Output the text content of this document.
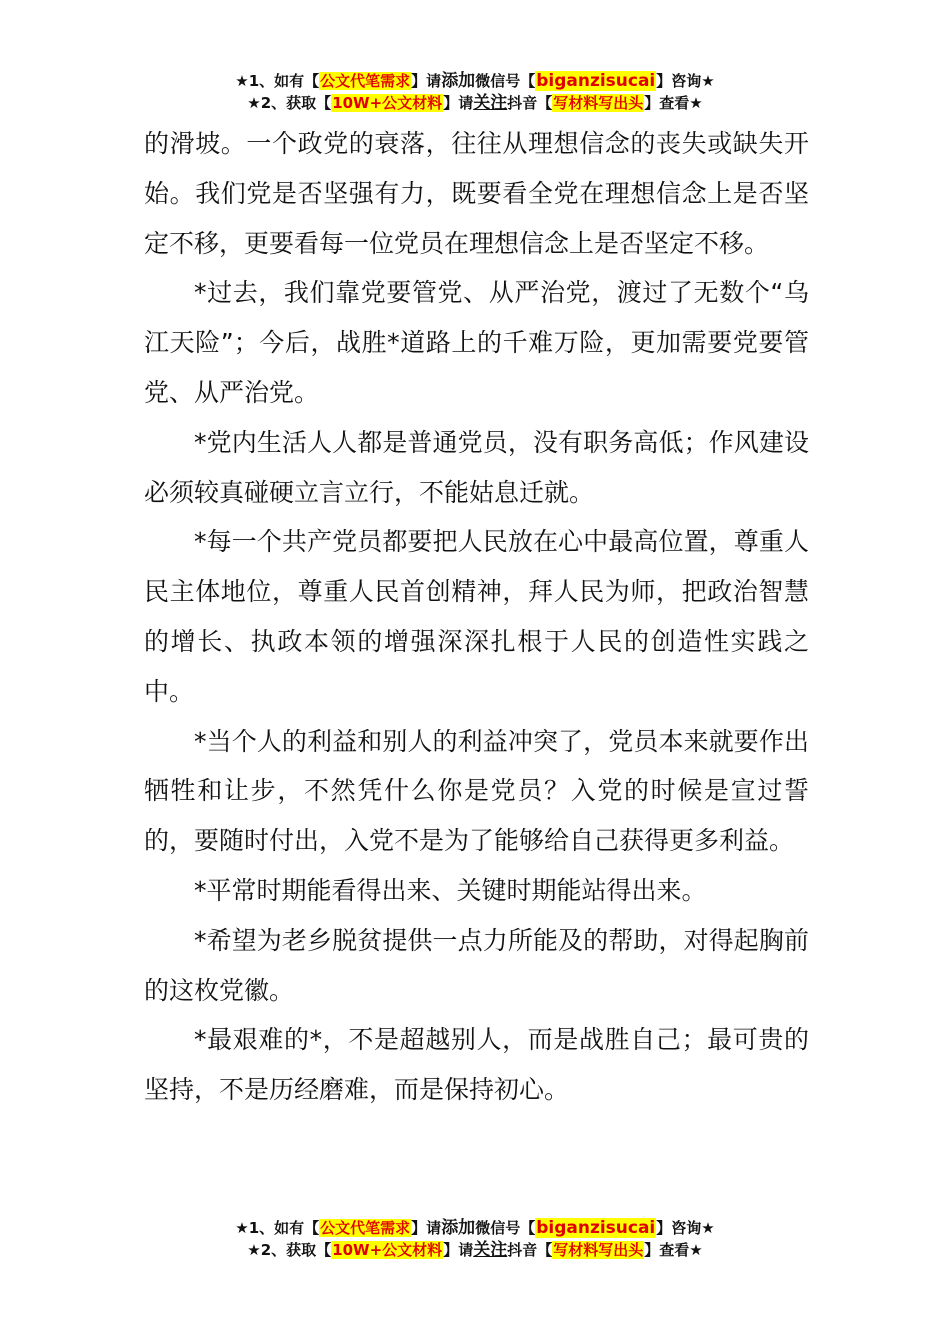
★1、如有【公文代笔需求】请添加微信号【biganzisucai】咨询★
★2、获取【10W+公文材料】请关注抖音【写材料写出头】查看★

的滑坡。一个政党的衰落，往往从理想信念的丧失或缺失开始。我们党是否坚强有力，既要看全党在理想信念上是否坚定不移，更要看每一位党员在理想信念上是否坚定不移。

*过去，我们靠党要管党、从严治党，渡过了无数个“乌江天险”；今后，战胜*道路上的千难万险，更加需要党要管党、从严治党。

*党内生活人人都是普通党员，没有职务高低；作风建设必须较真碰硬立言立行，不能姑息迁就。

*每一个共产党员都要把人民放在心中最高位置，尊重人民主体地位，尊重人民首创精神，拜人民为师，把政治智慧的增长、执政本领的增强深深扎根于人民的创造性实践之中。

*当个人的利益和别人的利益冲突了，党员本来就要作出牺牲和让步，不然凭什么你是党员？入党的时候是宣过誓的，要随时付出，入党不是为了能够给自己获得更多利益。

*平常时期能看得出来、关键时期能站得出来。

*希望为老乡脱贫提供一点力所能及的帮助，对得起胸前的这枚党徽。

*最艰难的*，不是超越别人，而是战胜自己；最可贵的坚持，不是历经磨难，而是保持初心。

★1、如有【公文代笔需求】请添加微信号【biganzisucai】咨询★
★2、获取【10W+公文材料】请关注抖音【写材料写出头】查看★
